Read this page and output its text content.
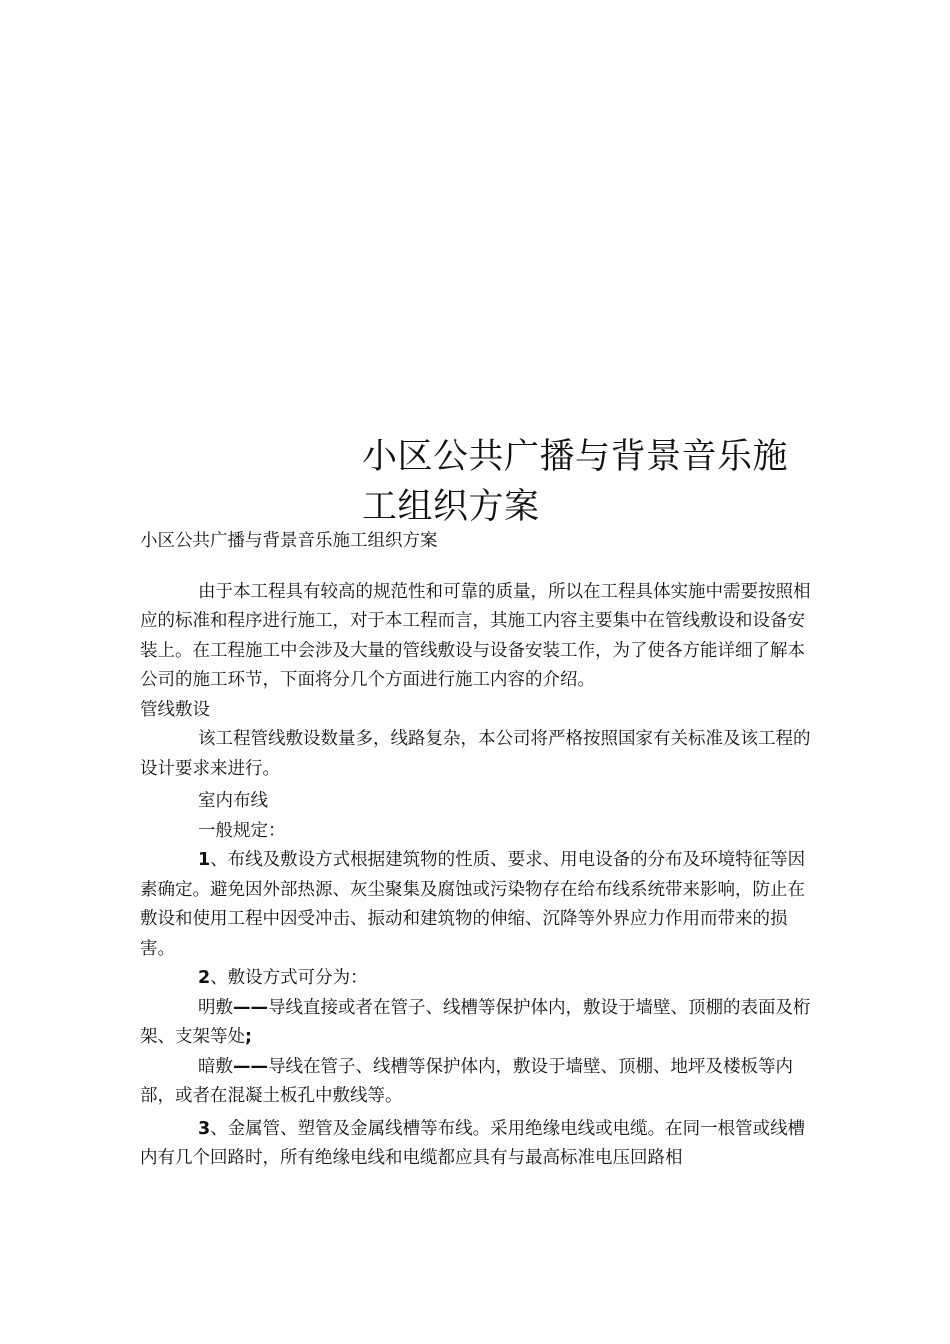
小区公共广播与背景音乐施工组织方案

小区公共广播与背景音乐施工组织方案

由于本工程具有较高的规范性和可靠的质量，所以在工程具体实施中需要按照相应的标准和程序进行施工，对于本工程而言，其施工内容主要集中在管线敷设和设备安装上。在工程施工中会涉及大量的管线敷设与设备安装工作，为了使各方能详细了解本公司的施工环节，下面将分几个方面进行施工内容的介绍。

管线敷设

该工程管线敷设数量多，线路复杂，本公司将严格按照国家有关标准及该工程的设计要求来进行。

室内布线

一般规定：

1、布线及敷设方式根据建筑物的性质、要求、用电设备的分布及环境特征等因素确定。避免因外部热源、灰尘聚集及腐蚀或污染物存在给布线系统带来影响，防止在敷设和使用工程中因受冲击、振动和建筑物的伸缩、沉降等外界应力作用而带来的损害。

2、敷设方式可分为：

明敷——导线直接或者在管子、线槽等保护体内，敷设于墙壁、顶棚的表面及桁架、支架等处;

暗敷——导线在管子、线槽等保护体内，敷设于墙壁、顶棚、地坪及楼板等内部，或者在混凝土板孔中敷线等。

3、金属管、塑管及金属线槽等布线。采用绝缘电线或电缆。在同一根管或线槽内有几个回路时，所有绝缘电线和电缆都应具有与最高标准电压回路相
